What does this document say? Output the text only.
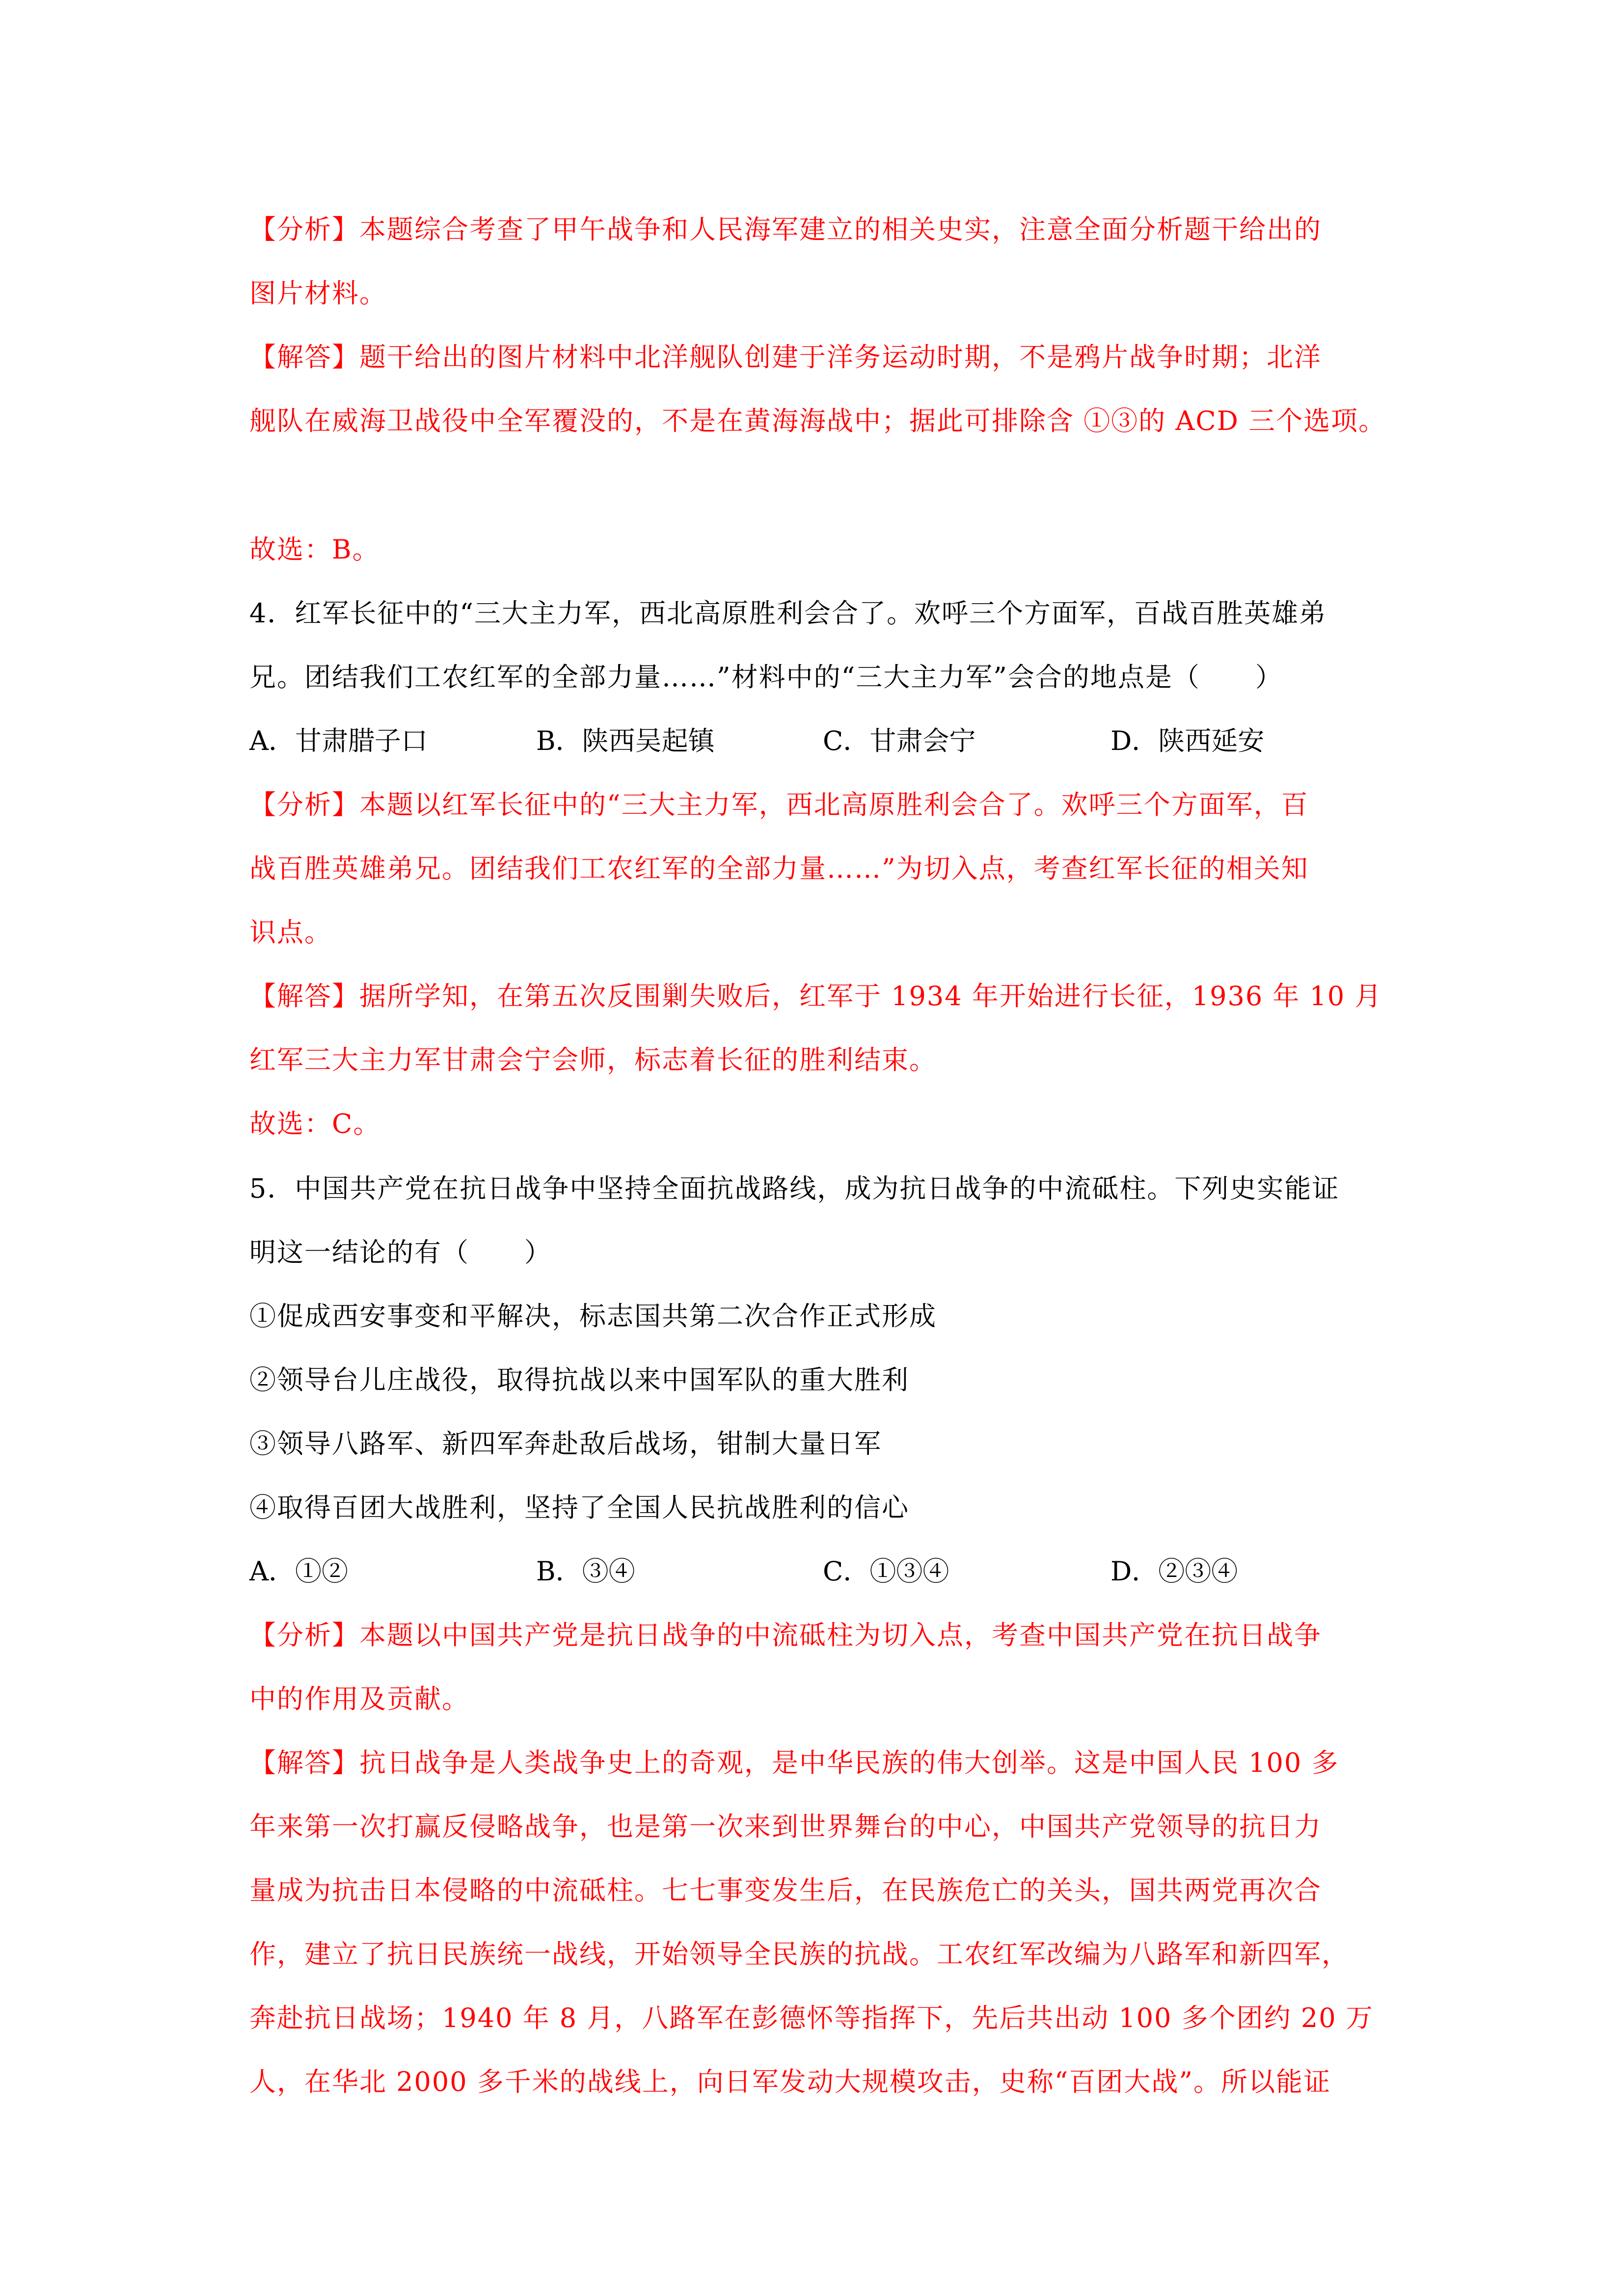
【分析】本题综合考查了甲午战争和人民海军建立的相关史实，注意全面分析题干给出的
图片材料。
【解答】题干给出的图片材料中北洋舰队创建于洋务运动时期，不是鸦片战争时期；北洋
舰队在威海卫战役中全军覆没的，不是在黄海海战中；据此可排除含 ①③的 ACD 三个选项。
故选：B。
4．红军长征中的“三大主力军，西北高原胜利会合了。欢呼三个方面军，百战百胜英雄弟
兄。团结我们工农红军的全部力量……”材料中的“三大主力军”会合的地点是（　　）
A．甘肃腊子口	B．陕西吴起镇	C．甘肃会宁	D．陕西延安
【分析】本题以红军长征中的“三大主力军，西北高原胜利会合了。欢呼三个方面军，百
战百胜英雄弟兄。团结我们工农红军的全部力量……”为切入点，考查红军长征的相关知
识点。
【解答】据所学知，在第五次反围剿失败后，红军于 1934 年开始进行长征，1936 年 10 月
红军三大主力军甘肃会宁会师，标志着长征的胜利结束。
故选：C。
5．中国共产党在抗日战争中坚持全面抗战路线，成为抗日战争的中流砥柱。下列史实能证
明这一结论的有（　　）
①促成西安事变和平解决，标志国共第二次合作正式形成
②领导台儿庄战役，取得抗战以来中国军队的重大胜利
③领导八路军、新四军奔赴敌后战场，钳制大量日军
④取得百团大战胜利，坚持了全国人民抗战胜利的信心
A．①②	B．③④	C．①③④	D．②③④
【分析】本题以中国共产党是抗日战争的中流砥柱为切入点，考查中国共产党在抗日战争
中的作用及贡献。
【解答】抗日战争是人类战争史上的奇观，是中华民族的伟大创举。这是中国人民 100 多
年来第一次打赢反侵略战争，也是第一次来到世界舞台的中心，中国共产党领导的抗日力
量成为抗击日本侵略的中流砥柱。七七事变发生后，在民族危亡的关头，国共两党再次合
作，建立了抗日民族统一战线，开始领导全民族的抗战。工农红军改编为八路军和新四军，
奔赴抗日战场；1940 年 8 月，八路军在彭德怀等指挥下，先后共出动 100 多个团约 20 万
人，在华北 2000 多千米的战线上，向日军发动大规模攻击，史称“百团大战”。所以能证
